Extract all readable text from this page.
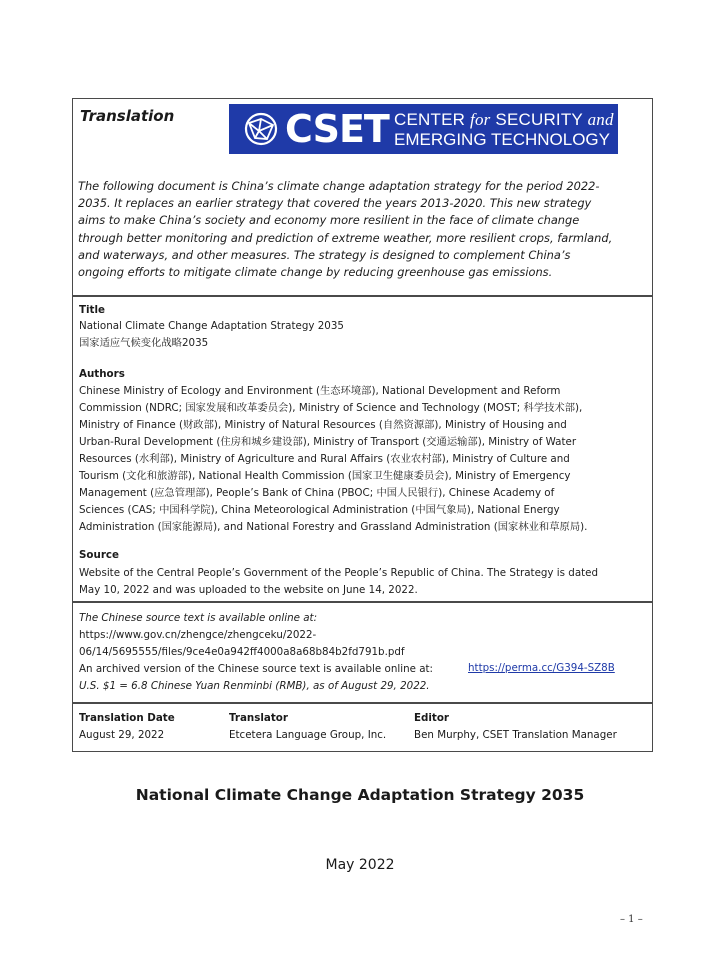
Translation	CSET CENTER for SECURITY and
EMERGING TECHNOLOGY
The following document is China’s climate change adaptation strategy for the period 2022-
2035. It replaces an earlier strategy that covered the years 2013-2020. This new strategy
aims to make China’s society and economy more resilient in the face of climate change
through better monitoring and prediction of extreme weather, more resilient crops, farmland,
and waterways, and other measures. The strategy is designed to complement China’s
ongoing efforts to mitigate climate change by reducing greenhouse gas emissions.
Title
National Climate Change Adaptation Strategy 2035
国家适应气候变化战略2035
Authors
Chinese Ministry of Ecology and Environment (生态环境部), National Development and Reform
Commission (NDRC; 国家发展和改革委员会), Ministry of Science and Technology (MOST; 科学技术部),
Ministry of Finance (财政部), Ministry of Natural Resources (自然资源部), Ministry of Housing and
Urban-Rural Development (住房和城乡建设部), Ministry of Transport (交通运输部), Ministry of Water
Resources (水利部), Ministry of Agriculture and Rural Affairs (农业农村部), Ministry of Culture and
Tourism (文化和旅游部), National Health Commission (国家卫生健康委员会), Ministry of Emergency
Management (应急管理部), People’s Bank of China (PBOC; 中国人民银行), Chinese Academy of
Sciences (CAS; 中国科学院), China Meteorological Administration (中国气象局), National Energy
Administration (国家能源局), and National Forestry and Grassland Administration (国家林业和草原局).
Source
Website of the Central People’s Government of the People’s Republic of China. The Strategy is dated
May 10, 2022 and was uploaded to the website on June 14, 2022.
The Chinese source text is available online at:
https://www.gov.cn/zhengce/zhengceku/2022-
06/14/5695555/files/9ce4e0a942ff4000a8a68b84b2fd791b.pdf
An archived version of the Chinese source text is available online at:	https://perma.cc/G394-SZ8B
U.S. $1 = 6.8 Chinese Yuan Renminbi (RMB), as of August 29, 2022.
Translation Date
August 29, 2022
Translator
Etcetera Language Group, Inc.
Editor
Ben Murphy, CSET Translation Manager
National Climate Change Adaptation Strategy 2035
May 2022
– 1 –
